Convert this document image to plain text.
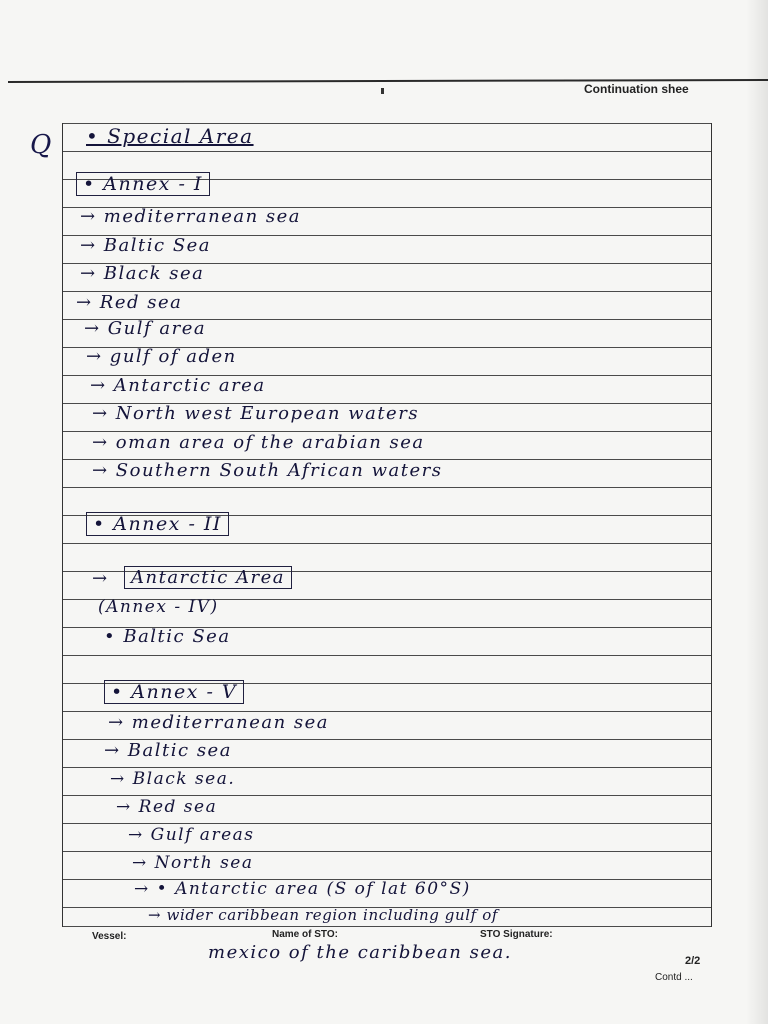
Continuation shee
Q • Special Area
• Annex - I
→ mediterranean sea
→ Baltic Sea
→ Black sea
→ Red sea
→ Gulf area
→ gulf of aden
→ Antarctic area
→ North west European waters
→ oman area of the arabian sea
→ Southern South African waters
• Annex - II
→	Antarctic Area
(Annex - IV)
• Baltic Sea
• Annex - V
→ mediterranean sea
→ Baltic sea
→ Black sea.
→ Red sea
→ Gulf areas
→ North sea
→ • Antarctic area (S of lat 60°S)
→ wider caribbean region including gulf of
mexico of the caribbean sea.
Vessel:	Name of STO:	STO Signature:
2/2
Contd ...
